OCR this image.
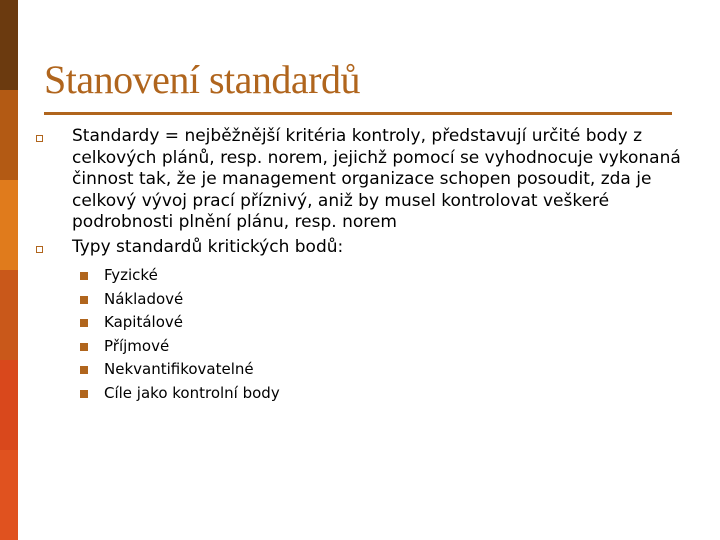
Stanovení standardů
Standardy = nejběžnější kritéria kontroly, představují určité body z celkových plánů, resp. norem, jejichž pomocí se vyhodnocuje vykonaná činnost tak, že je management organizace schopen posoudit, zda je celkový vývoj prací příznivý, aniž by musel kontrolovat veškeré podrobnosti plnění plánu, resp. norem
Typy standardů kritických bodů:
Fyzické
Nákladové
Kapitálové
Příjmové
Nekvantifikovatelné
Cíle jako kontrolní body
